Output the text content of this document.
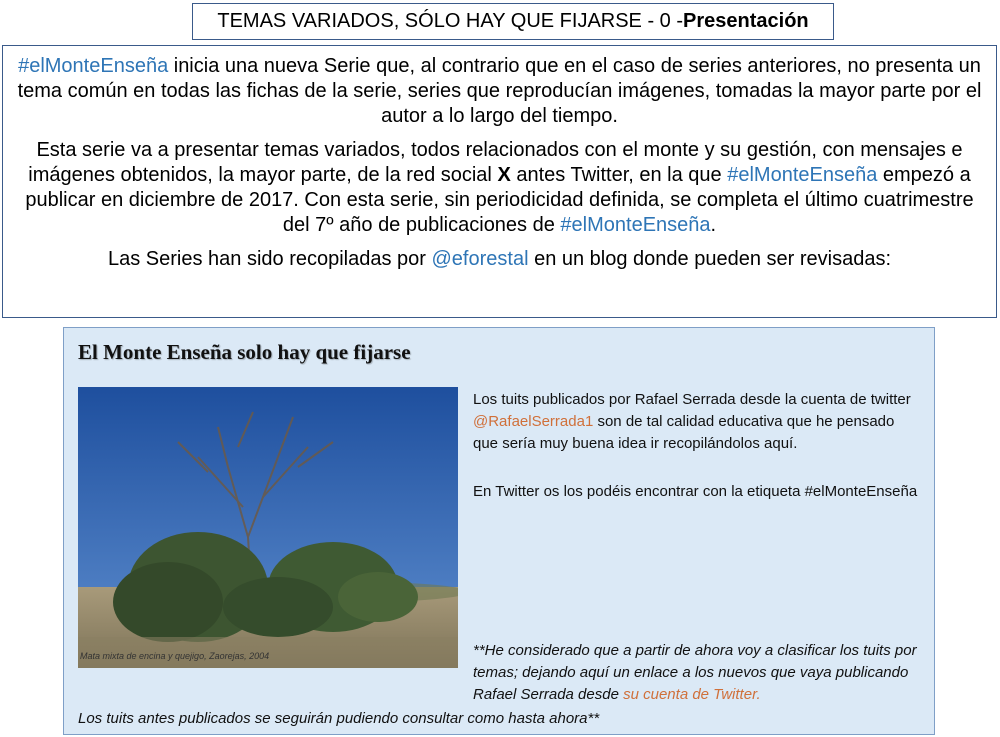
TEMAS VARIADOS, SÓLO HAY QUE FIJARSE - 0 - Presentación

#elMonteEnseña inicia una nueva Serie que, al contrario que en el caso de series anteriores, no presenta un tema común en todas las fichas de la serie, series que reproducían imágenes, tomadas la mayor parte por el autor a lo largo del tiempo.

Esta serie va a presentar temas variados, todos relacionados con el monte y su gestión, con mensajes e imágenes obtenidos, la mayor parte, de la red social X antes Twitter, en la que #elMonteEnseña empezó a publicar en diciembre de 2017. Con esta serie, sin periodicidad definida, se completa el último cuatrimestre del 7º año de publicaciones de #elMonteEnseña.

Las Series han sido recopiladas por @eforestal en un blog donde pueden ser revisadas:

El Monte Enseña solo hay que fijarse
Mata mixta de encina y quejigo, Zaorejas, 2004

Los tuits publicados por Rafael Serrada desde la cuenta de twitter @RafaelSerrada1 son de tal calidad educativa que he pensado que sería muy buena idea ir recopilándolos aquí.

En Twitter os los podéis encontrar con la etiqueta #elMonteEnseña

**He considerado que a partir de ahora voy a clasificar los tuits por temas; dejando aquí un enlace a los nuevos que vaya publicando Rafael Serrada desde su cuenta de Twitter.
Los tuits antes publicados se seguirán pudiendo consultar como hasta ahora**
